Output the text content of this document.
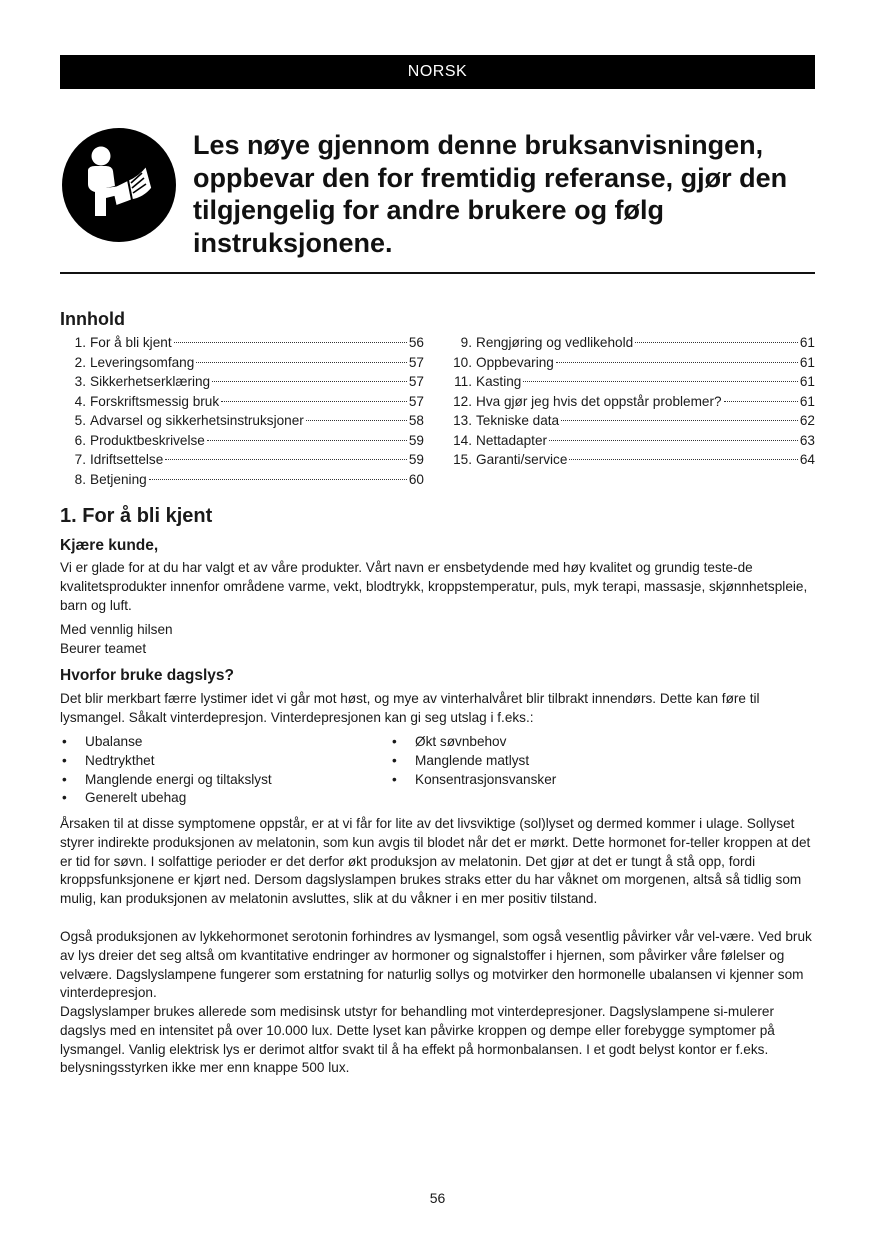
NORSK
Les nøye gjennom denne bruksanvisningen, oppbevar den for fremtidig referanse, gjør den tilgjengelig for andre brukere og følg instruksjonene.
Innhold
1. For å bli kjent	56
2. Leveringsomfang	57
3. Sikkerhetserklæring	57
4. Forskriftsmessig bruk	57
5. Advarsel og sikkerhetsinstruksjoner	58
6. Produktbeskrivelse	59
7. Idriftsettelse	59
8. Betjening	60
9. Rengjøring og vedlikehold	61
10. Oppbevaring	61
11. Kasting	61
12. Hva gjør jeg hvis det oppstår problemer?	61
13. Tekniske data	62
14. Nettadapter	63
15. Garanti/service	64
1. For å bli kjent
Kjære kunde,

Vi er glade for at du har valgt et av våre produkter. Vårt navn er ensbetydende med høy kvalitet og grundig teste-de kvalitetsprodukter innenfor områdene varme, vekt, blodtrykk, kroppstemperatur, puls, myk terapi, massasje, skjønnhetspleie, barn og luft.

Med vennlig hilsen

Beurer teamet

Hvorfor bruke dagslys?

Det blir merkbart færre lystimer idet vi går mot høst, og mye av vinterhalvåret blir tilbrakt innendørs. Dette kan føre til lysmangel. Såkalt vinterdepresjon. Vinterdepresjonen kan gi seg utslag i f.eks.:

• Ubalanse
• Nedtrykthet
• Manglende energi og tiltakslyst
• Generelt ubehag
• Økt søvnbehov
• Manglende matlyst
• Konsentrasjonsvansker

Årsaken til at disse symptomene oppstår, er at vi får for lite av det livsviktige (sol)lyset og dermed kommer i ulage. Sollyset styrer indirekte produksjonen av melatonin, som kun avgis til blodet når det er mørkt. Dette hormonet for-teller kroppen at det er tid for søvn. I solfattige perioder er det derfor økt produksjon av melatonin. Det gjør at det er tungt å stå opp, fordi kroppsfunksjonene er kjørt ned. Dersom dagslyslampen brukes straks etter du har våknet om morgenen, altså så tidlig som mulig, kan produksjonen av melatonin avsluttes, slik at du våkner i en mer positiv tilstand.

Også produksjonen av lykkehormonet serotonin forhindres av lysmangel, som også vesentlig påvirker vår vel-være. Ved bruk av lys dreier det seg altså om kvantitative endringer av hormoner og signalstoffer i hjernen, som påvirker våre følelser og velvære. Dagslyslampene fungerer som erstatning for naturlig sollys og motvirker den hormonelle ubalansen vi kjenner som vinterdepresjon.

Dagslyslamper brukes allerede som medisinsk utstyr for behandling mot vinterdepresjoner. Dagslyslampene si-mulerer dagslys med en intensitet på over 10.000 lux. Dette lyset kan påvirke kroppen og dempe eller forebygge symptomer på lysmangel. Vanlig elektrisk lys er derimot altfor svakt til å ha effekt på hormonbalansen. I et godt belyst kontor er f.eks. belysningsstyrken ikke mer enn knappe 500 lux.

56
